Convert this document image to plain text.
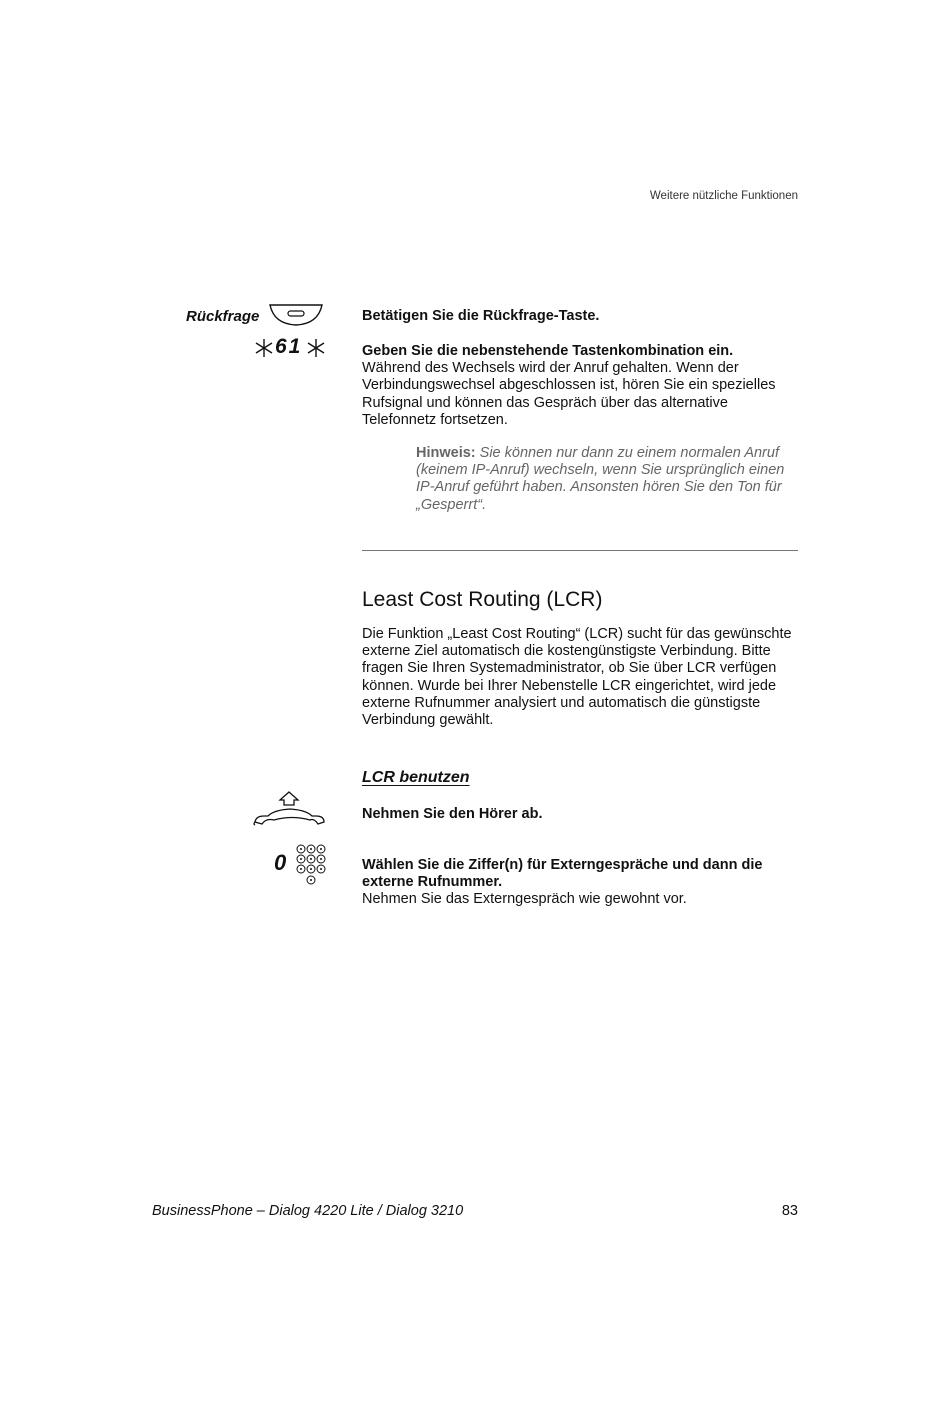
Weitere nützliche Funktionen
Rückfrage	Betätigen Sie die Rückfrage-Taste.
61	Geben Sie die nebenstehende Tastenkombination ein.
Während des Wechsels wird der Anruf gehalten. Wenn der
Verbindungswechsel abgeschlossen ist, hören Sie ein spezielles
Rufsignal und können das Gespräch über das alternative
Telefonnetz fortsetzen.
Hinweis: Sie können nur dann zu einem normalen Anruf
(keinem IP-Anruf) wechseln, wenn Sie ursprünglich einen
IP-Anruf geführt haben. Ansonsten hören Sie den Ton für
„Gesperrt“.
Least Cost Routing (LCR)
Die Funktion „Least Cost Routing“ (LCR) sucht für das gewünschte
externe Ziel automatisch die kostengünstigste Verbindung. Bitte
fragen Sie Ihren Systemadministrator, ob Sie über LCR verfügen
können. Wurde bei Ihrer Nebenstelle LCR eingerichtet, wird jede
externe Rufnummer analysiert und automatisch die günstigste
Verbindung gewählt.
LCR benutzen
Nehmen Sie den Hörer ab.
0	Wählen Sie die Ziffer(n) für Externgespräche und dann die
externe Rufnummer.
Nehmen Sie das Externgespräch wie gewohnt vor.
BusinessPhone – Dialog 4220 Lite / Dialog 3210	83
